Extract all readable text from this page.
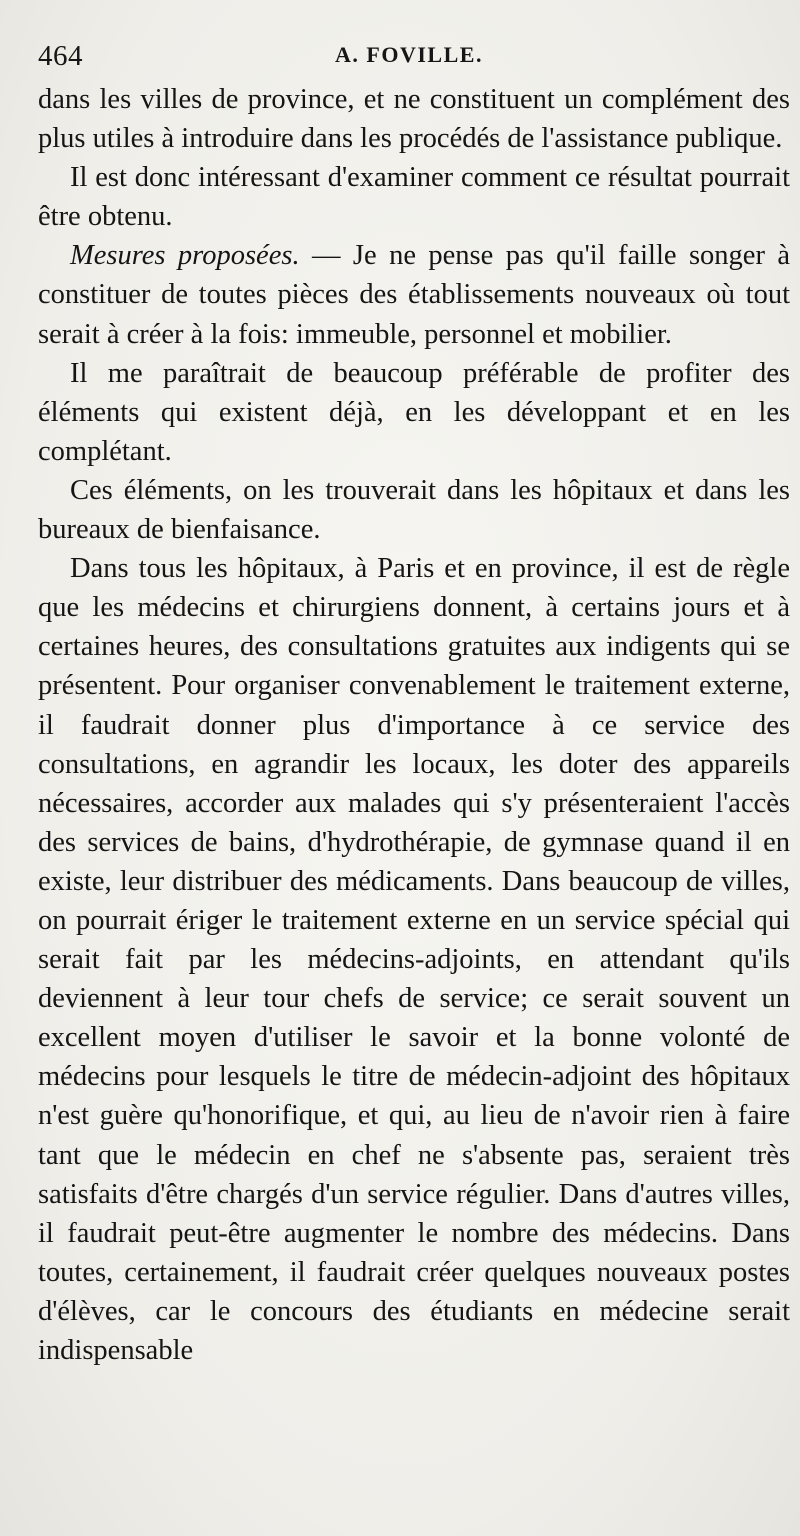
464	A. FOVILLE.

dans les villes de province, et ne constituent un complément des plus utiles à introduire dans les procédés de l'assistance publique.

Il est donc intéressant d'examiner comment ce résultat pourrait être obtenu.

Mesures proposées. — Je ne pense pas qu'il faille songer à constituer de toutes pièces des établissements nouveaux où tout serait à créer à la fois: immeuble, personnel et mobilier.

Il me paraîtrait de beaucoup préférable de profiter des éléments qui existent déjà, en les développant et en les complétant.

Ces éléments, on les trouverait dans les hôpitaux et dans les bureaux de bienfaisance.

Dans tous les hôpitaux, à Paris et en province, il est de règle que les médecins et chirurgiens donnent, à certains jours et à certaines heures, des consultations gratuites aux indigents qui se présentent. Pour organiser convenablement le traitement externe, il faudrait donner plus d'importance à ce service des consultations, en agrandir les locaux, les doter des appareils nécessaires, accorder aux malades qui s'y présenteraient l'accès des services de bains, d'hydrothérapie, de gymnase quand il en existe, leur distribuer des médicaments. Dans beaucoup de villes, on pourrait ériger le traitement externe en un service spécial qui serait fait par les médecins-adjoints, en attendant qu'ils deviennent à leur tour chefs de service; ce serait souvent un excellent moyen d'utiliser le savoir et la bonne volonté de médecins pour lesquels le titre de médecin-adjoint des hôpitaux n'est guère qu'honorifique, et qui, au lieu de n'avoir rien à faire tant que le médecin en chef ne s'absente pas, seraient très satisfaits d'être chargés d'un service régulier. Dans d'autres villes, il faudrait peut-être augmenter le nombre des médecins. Dans toutes, certainement, il faudrait créer quelques nouveaux postes d'élèves, car le concours des étudiants en médecine serait indispensable
